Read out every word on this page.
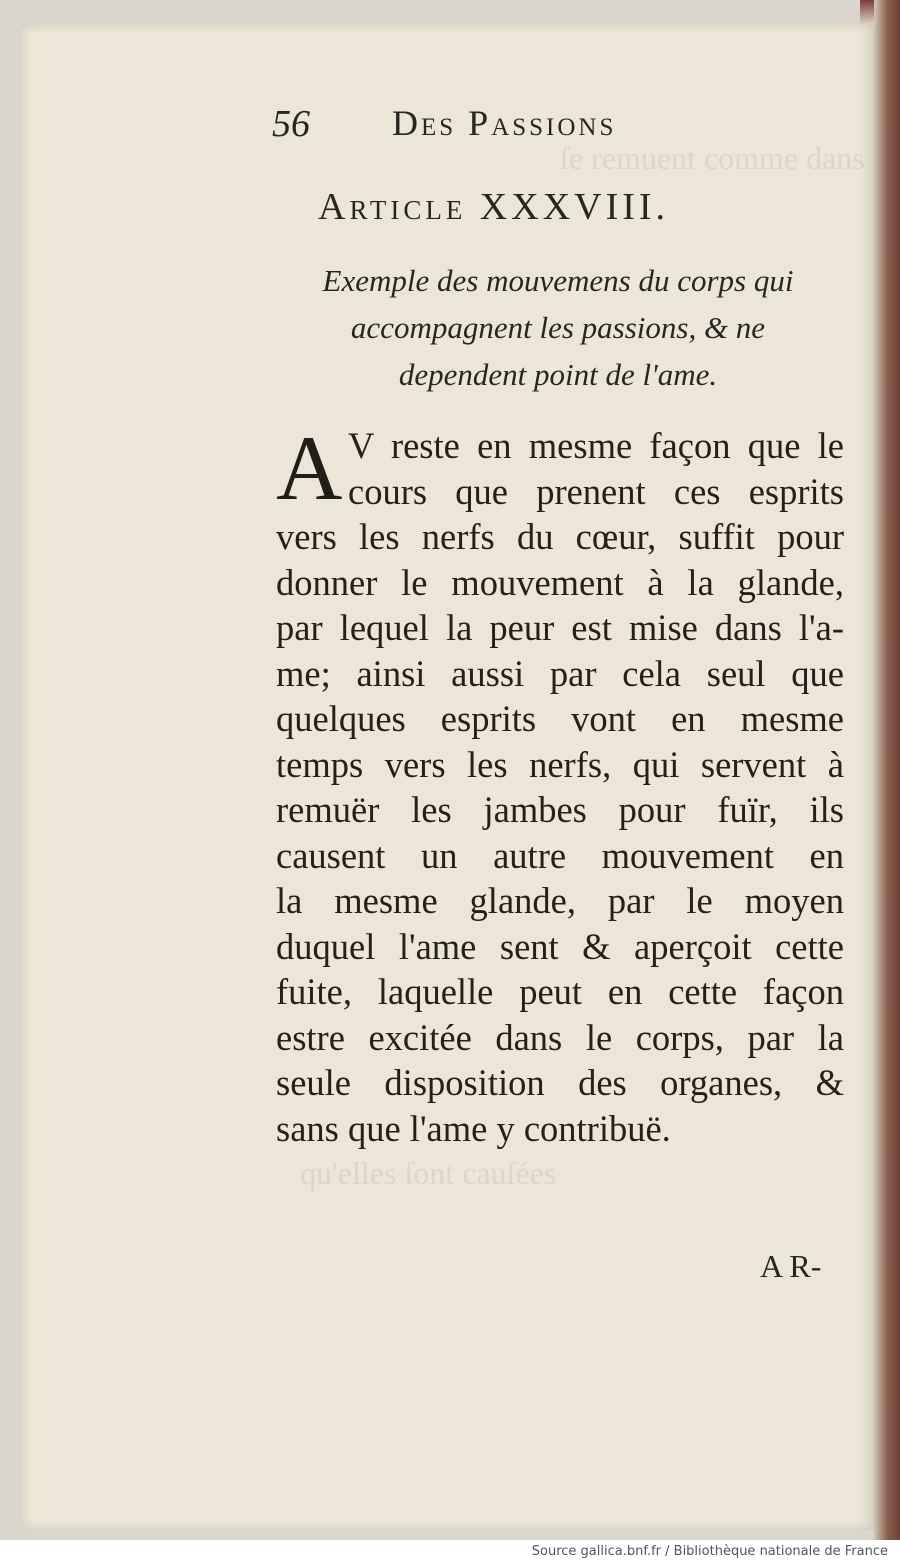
ſe remuent comme dans
qu'elles ſont cauſées
56 Des Passions
Article XXXVIII.
Exemple des mouvemens du corps qui
accompagnent les passions, & ne
dependent point de l'ame.
A V reste en mesme façon que le
cours que prenent ces esprits
vers les nerfs du cœur, suffit pour
donner le mouvement à la glande,
par lequel la peur est mise dans l'a-
me; ainsi aussi par cela seul que
quelques esprits vont en mesme
temps vers les nerfs, qui servent à
remuër les jambes pour fuïr, ils
causent un autre mouvement en
la mesme glande, par le moyen
duquel l'ame sent & aperçoit cette
fuite, laquelle peut en cette façon
estre excitée dans le corps, par la
seule disposition des organes, &
sans que l'ame y contribuë.
A R-
Source gallica.bnf.fr / Bibliothèque nationale de France
